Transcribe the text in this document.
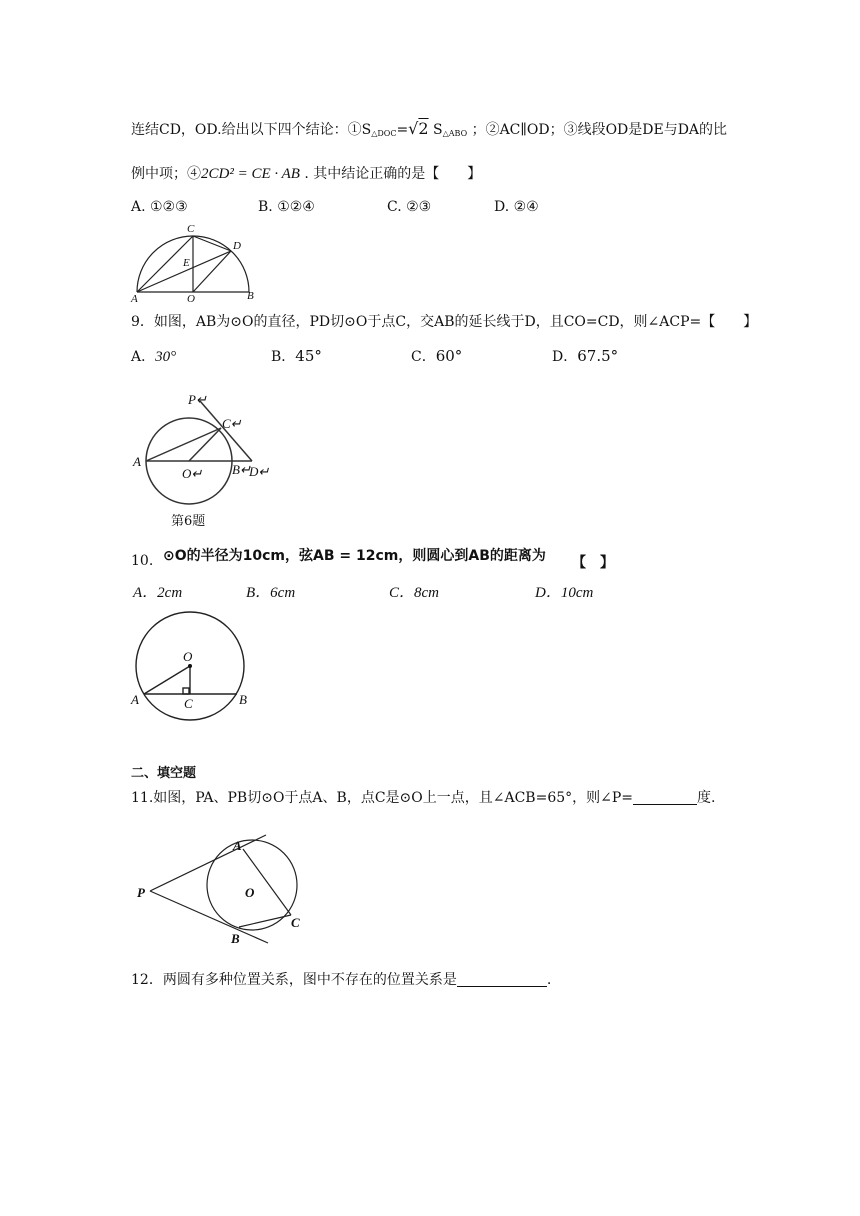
连结CD，OD.给出以下四个结论：$①S_{\triangle DOC}=√2$ $S_{\triangle ABO}$ ；②AC∥OD；③线段OD是DE与DA的比
例中项；④2CD² = CE · AB . 其中结论正确的是【　　】
A. ①②③	B. ①②④	C. ②③	D. ②④
C
D
E
A	O	B
9．如图，AB为⊙O的直径，PD切⊙O于点C，交AB的延长线于D，且CO=CD，则∠ACP=【　　】
A．30°	B．45°	C．60°	D．67.5°
P↵
C↵
A
O↵ B↵
D↵
第6题
10. ⊙O的半径为10cm，弦AB = 12cm，则圆心到AB的距离为 【　】
A．2cm	B．6cm	C．8cm	D．10cm
O
A	C	B
二、填空题
11.如图，PA、PB切⊙O于点A、B，点C是⊙O上一点，且∠ACB=65°，则∠P=	度.
A
P	O
C
B
12．两圆有多种位置关系，图中不存在的位置关系是	.
